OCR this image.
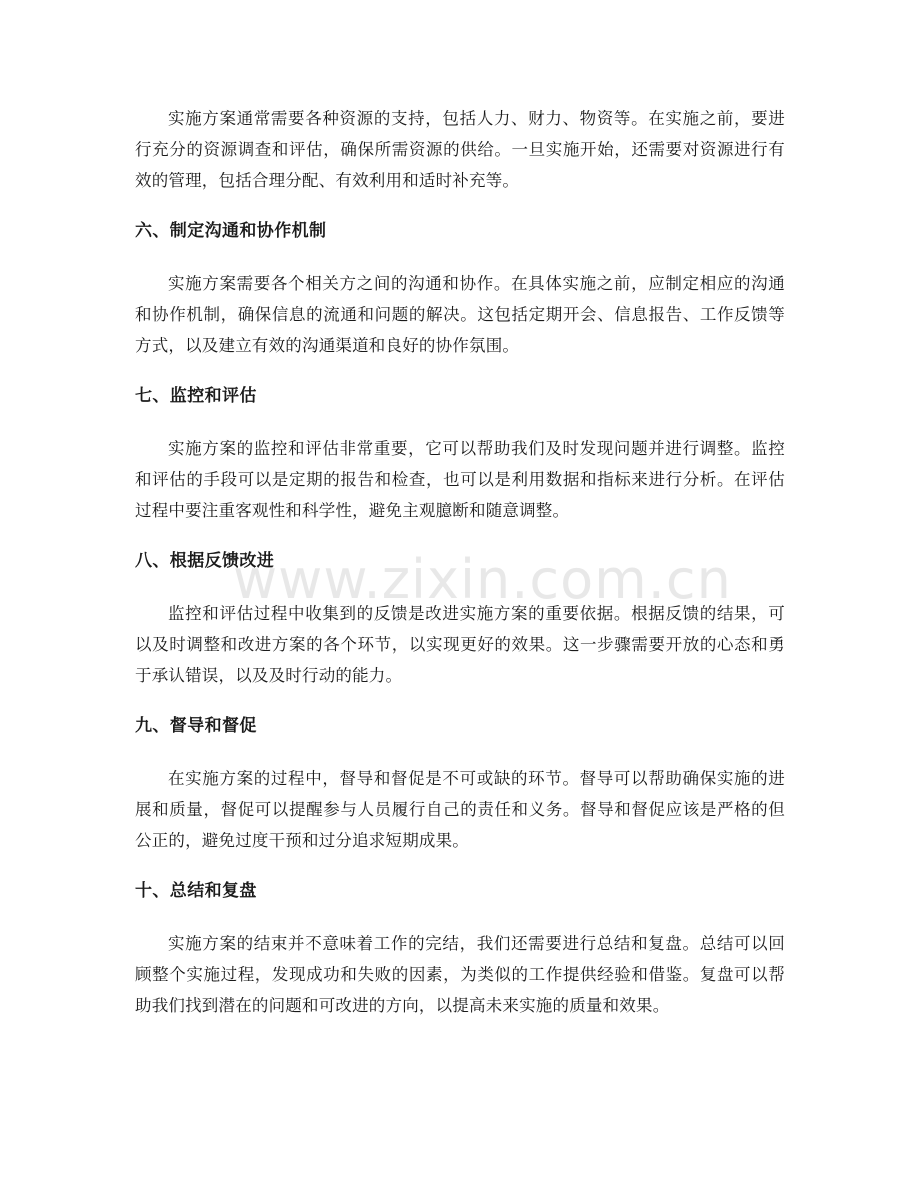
实施方案通常需要各种资源的支持，包括人力、财力、物资等。在实施之前，要进行充分的资源调查和评估，确保所需资源的供给。一旦实施开始，还需要对资源进行有效的管理，包括合理分配、有效利用和适时补充等。

六、制定沟通和协作机制

实施方案需要各个相关方之间的沟通和协作。在具体实施之前，应制定相应的沟通和协作机制，确保信息的流通和问题的解决。这包括定期开会、信息报告、工作反馈等方式，以及建立有效的沟通渠道和良好的协作氛围。

七、监控和评估

实施方案的监控和评估非常重要，它可以帮助我们及时发现问题并进行调整。监控和评估的手段可以是定期的报告和检查，也可以是利用数据和指标来进行分析。在评估过程中要注重客观性和科学性，避免主观臆断和随意调整。

八、根据反馈改进

监控和评估过程中收集到的反馈是改进实施方案的重要依据。根据反馈的结果，可以及时调整和改进方案的各个环节，以实现更好的效果。这一步骤需要开放的心态和勇于承认错误，以及及时行动的能力。

九、督导和督促

在实施方案的过程中，督导和督促是不可或缺的环节。督导可以帮助确保实施的进展和质量，督促可以提醒参与人员履行自己的责任和义务。督导和督促应该是严格的但公正的，避免过度干预和过分追求短期成果。

十、总结和复盘

实施方案的结束并不意味着工作的完结，我们还需要进行总结和复盘。总结可以回顾整个实施过程，发现成功和失败的因素，为类似的工作提供经验和借鉴。复盘可以帮助我们找到潜在的问题和可改进的方向，以提高未来实施的质量和效果。

www.zixin.com.cn
